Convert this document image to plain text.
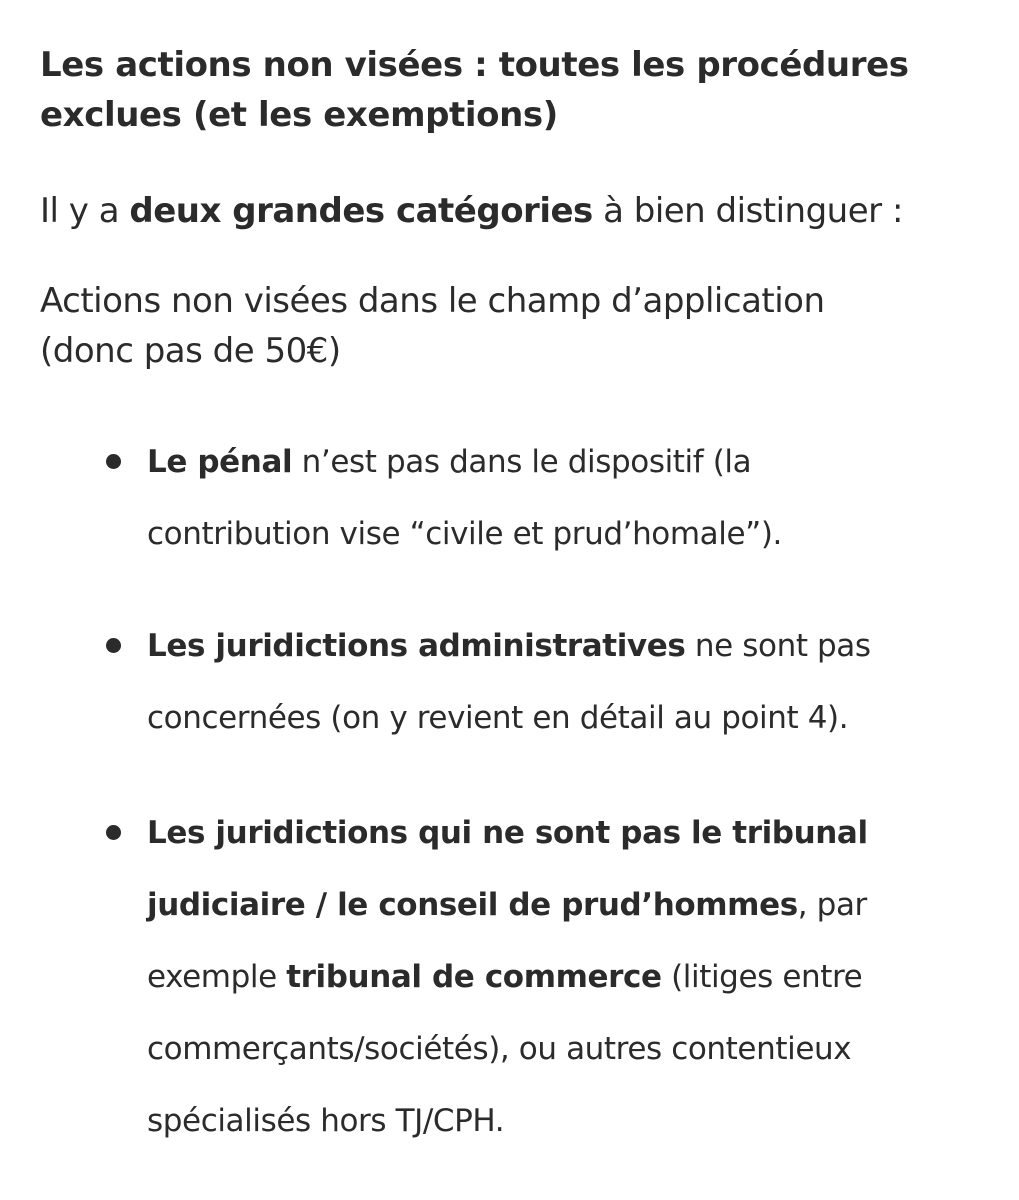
Les actions non visées : toutes les procédures
exclues (et les exemptions)

Il y a deux grandes catégories à bien distinguer :

Actions non visées dans le champ d’application
(donc pas de 50€)

Le pénal n’est pas dans le dispositif (la
contribution vise “civile et prud’homale”).
Les juridictions administratives ne sont pas
concernées (on y revient en détail au point 4).
Les juridictions qui ne sont pas le tribunal
judiciaire / le conseil de prud’hommes, par
exemple tribunal de commerce (litiges entre
commerçants/sociétés), ou autres contentieux
spécialisés hors TJ/CPH.
